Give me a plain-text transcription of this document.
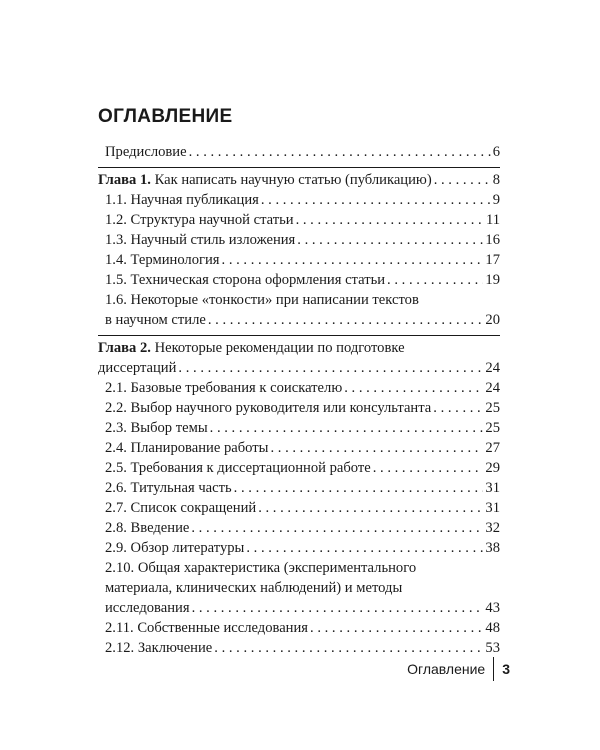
ОГЛАВЛЕНИЕ
Предисловие . . .	6
Глава 1. Как написать научную статью (публикацию) . . .	8
1.1. Научная публикация . . .	9
1.2. Структура научной статьи . . .	11
1.3. Научный стиль изложения . . .	16
1.4. Терминология . . .	17
1.5. Техническая сторона оформления статьи . . .	19
1.6. Некоторые «тонкости» при написании текстов
в научном стиле . . .	20
Глава 2. Некоторые рекомендации по подготовке
диссертаций . . .	24
2.1. Базовые требования к соискателю . . .	24
2.2. Выбор научного руководителя или консультанта . . .	25
2.3. Выбор темы . . .	25
2.4. Планирование работы . . .	27
2.5. Требования к диссертационной работе . . .	29
2.6. Титульная часть . . .	31
2.7. Список сокращений . . .	31
2.8. Введение . . .	32
2.9. Обзор литературы . . .	38
2.10. Общая характеристика (экспериментального
материала, клинических наблюдений) и методы
исследования . . .	43
2.11. Собственные исследования . . .	48
2.12. Заключение . . .	53
Оглавление	3
